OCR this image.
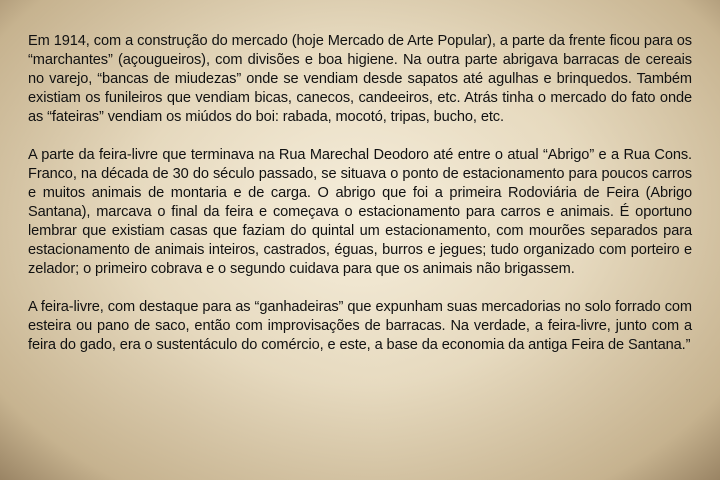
Em 1914, com a construção do mercado (hoje Mercado de Arte Popular), a parte da frente ficou para os “marchantes” (açougueiros), com divisões e boa higiene. Na outra parte abrigava barracas de cereais no varejo, “bancas de miudezas” onde se vendiam desde sapatos até agulhas e brinquedos. Também existiam os funileiros que vendiam bicas, canecos, candeeiros, etc. Atrás tinha o mercado do fato onde as “fateiras” vendiam os miúdos do boi: rabada, mocotó, tripas, bucho, etc.

A parte da feira-livre que terminava na Rua Marechal Deodoro até entre o atual “Abrigo” e a Rua Cons. Franco, na década de 30 do século passado, se situava o ponto de estacionamento para poucos carros e muitos animais de montaria e de carga. O abrigo que foi a primeira Rodoviária de Feira (Abrigo Santana), marcava o final da feira e começava o estacionamento para carros e animais. É oportuno lembrar que existiam casas que faziam do quintal um estacionamento, com mourões separados para estacionamento de animais inteiros, castrados, éguas, burros e jegues; tudo organizado com porteiro e zelador; o primeiro cobrava e o segundo cuidava para que os animais não brigassem.

A feira-livre, com destaque para as “ganhadeiras” que expunham suas mercadorias no solo forrado com esteira ou pano de saco, então com improvisações de barracas. Na verdade, a feira-livre, junto com a feira do gado, era o sustentáculo do comércio, e este, a base da economia da antiga Feira de Santana.”
